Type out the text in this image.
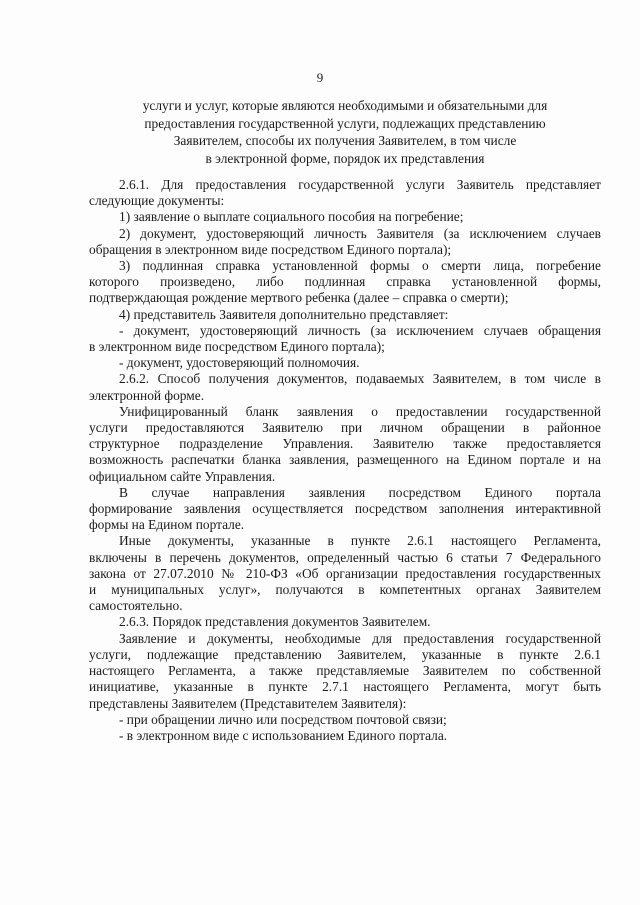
9
услуги и услуг, которые являются необходимыми и обязательными для
предоставления государственной услуги, подлежащих представлению
Заявителем, способы их получения Заявителем, в том числе
в электронной форме, порядок их представления

2.6.1. Для предоставления государственной услуги Заявитель представляет
следующие документы:

1) заявление о выплате социального пособия на погребение;

2) документ, удостоверяющий личность Заявителя (за исключением случаев
обращения в электронном виде посредством Единого портала);

3) подлинная справка установленной формы о смерти лица, погребение
которого произведено, либо подлинная справка установленной формы,
подтверждающая рождение мертвого ребенка (далее – справка о смерти);

4) представитель Заявителя дополнительно представляет:

- документ, удостоверяющий личность (за исключением случаев обращения
в электронном виде посредством Единого портала);

- документ, удостоверяющий полномочия.

2.6.2. Способ получения документов, подаваемых Заявителем, в том числе в
электронной форме.

Унифицированный бланк заявления о предоставлении государственной
услуги предоставляются Заявителю при личном обращении в районное
структурное подразделение Управления. Заявителю также предоставляется
возможность распечатки бланка заявления, размещенного на Едином портале и на
официальном сайте Управления.

В случае направления заявления посредством Единого портала
формирование заявления осуществляется посредством заполнения интерактивной
формы на Едином портале.

Иные документы, указанные в пункте 2.6.1 настоящего Регламента,
включены в перечень документов, определенный частью 6 статьи 7 Федерального
закона от 27.07.2010 № 210-ФЗ «Об организации предоставления государственных
и муниципальных услуг», получаются в компетентных органах Заявителем
самостоятельно.

2.6.3. Порядок представления документов Заявителем.

Заявление и документы, необходимые для предоставления государственной
услуги, подлежащие представлению Заявителем, указанные в пункте 2.6.1
настоящего Регламента, а также представляемые Заявителем по собственной
инициативе, указанные в пункте 2.7.1 настоящего Регламента, могут быть
представлены Заявителем (Представителем Заявителя):

- при обращении лично или посредством почтовой связи;

- в электронном виде с использованием Единого портала.
